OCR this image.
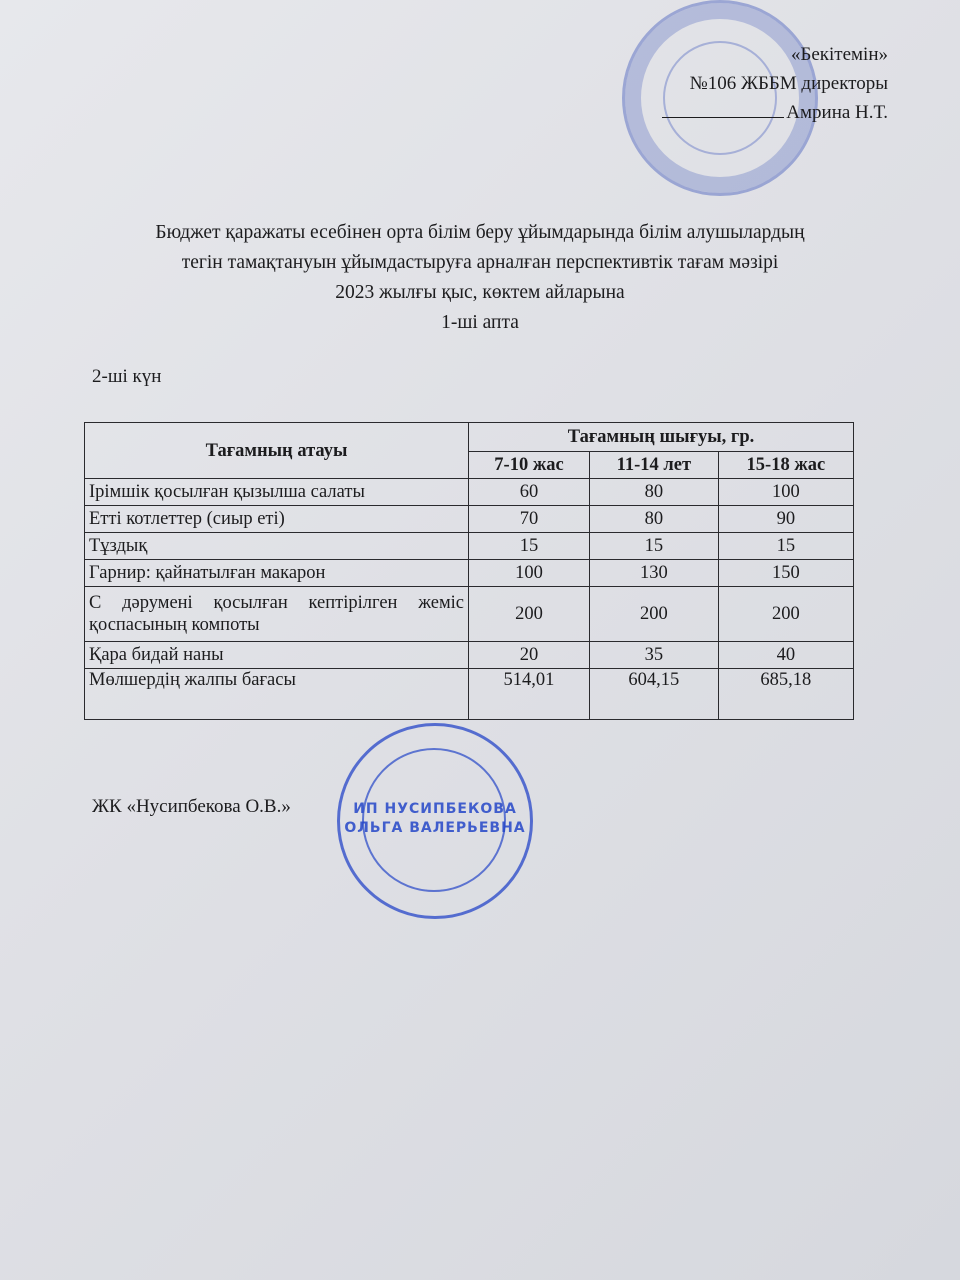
«Бекітемін»
№106 ЖББМ директоры
Амрина Н.Т.
Бюджет қаражаты есебінен орта білім беру ұйымдарында білім алушылардың
тегін тамақтануын ұйымдастыруға арналған перспективтік тағам мәзірі
2023 жылғы қыс, көктем айларына
1-ші апта
2-ші күн
Тағамның атауы	Тағамның шығуы, гр.		
	7-10 жас	11-14 лет	15-18 жас
Ірімшік қосылған қызылша салаты	60	80	100
Етті котлеттер (сиыр еті)	70	80	90
Тұздық	15	15	15
Гарнир: қайнатылған макарон	100	130	150
С дәрумені қосылған кептірілген жеміс қоспасының компоты	200	200	200
Қара бидай наны	20	35	40
Мөлшердің жалпы бағасы	514,01	604,15	685,18
ЖК «Нусипбекова О.В.»	ИП НУСИПБЕКОВА
ОЛЬГА ВАЛЕРЬЕВНА
